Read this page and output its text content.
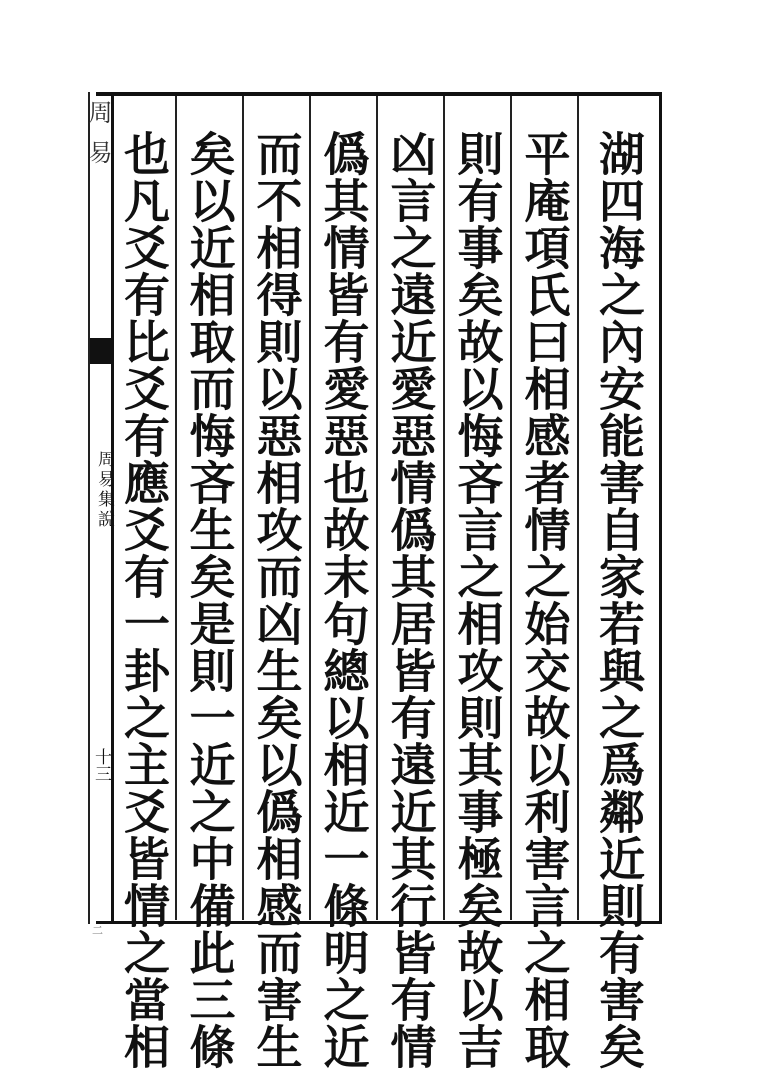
周易
周易集說
十三	湖四海之內安能害自家若與之爲鄰近則有害矣
平庵項氏曰相感者情之始交故以利害言之相取
則有事矣故以悔吝言之相攻則其事極矣故以吉
凶言之遠近愛惡情僞其居皆有遠近其行皆有情
僞其情皆有愛惡也故末句總以相近一條明之近
而不相得則以惡相攻而凶生矣以僞相感而害生
矣以近相取而悔吝生矣是則一近之中備此三條
也凡爻有比爻有應爻有一卦之主爻皆情之當相
二
